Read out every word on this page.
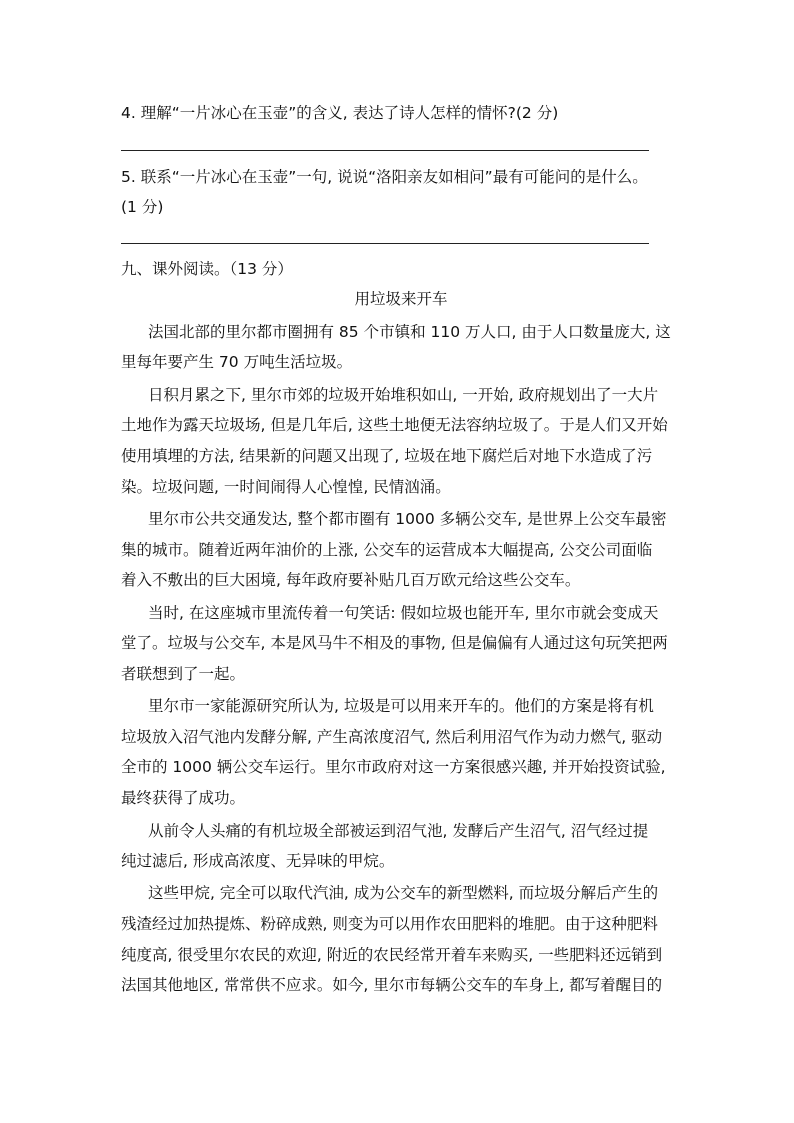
4. 理解“一片冰心在玉壶”的含义, 表达了诗人怎样的情怀?(2 分)
5. 联系“一片冰心在玉壶”一句, 说说“洛阳亲友如相问”最有可能问的是什么。
(1 分)
九、课外阅读。（13 分）
用垃圾来开车
法国北部的里尔都市圈拥有 85 个市镇和 110 万人口, 由于人口数量庞大, 这
里每年要产生 70 万吨生活垃圾。
日积月累之下, 里尔市郊的垃圾开始堆积如山, 一开始, 政府规划出了一大片
土地作为露天垃圾场, 但是几年后, 这些土地便无法容纳垃圾了。于是人们又开始
使用填埋的方法, 结果新的问题又出现了, 垃圾在地下腐烂后对地下水造成了污
染。垃圾问题, 一时间闹得人心惶惶, 民情汹涌。
里尔市公共交通发达, 整个都市圈有 1000 多辆公交车, 是世界上公交车最密
集的城市。随着近两年油价的上涨, 公交车的运营成本大幅提高, 公交公司面临
着入不敷出的巨大困境, 每年政府要补贴几百万欧元给这些公交车。
当时, 在这座城市里流传着一句笑话: 假如垃圾也能开车, 里尔市就会变成天
堂了。垃圾与公交车, 本是风马牛不相及的事物, 但是偏偏有人通过这句玩笑把两
者联想到了一起。
里尔市一家能源研究所认为, 垃圾是可以用来开车的。他们的方案是将有机
垃圾放入沼气池内发酵分解, 产生高浓度沼气, 然后利用沼气作为动力燃气, 驱动
全市的 1000 辆公交车运行。里尔市政府对这一方案很感兴趣, 并开始投资试验,
最终获得了成功。
从前令人头痛的有机垃圾全部被运到沼气池, 发酵后产生沼气, 沼气经过提
纯过滤后, 形成高浓度、无异味的甲烷。
这些甲烷, 完全可以取代汽油, 成为公交车的新型燃料, 而垃圾分解后产生的
残渣经过加热提炼、粉碎成熟, 则变为可以用作农田肥料的堆肥。由于这种肥料
纯度高, 很受里尔农民的欢迎, 附近的农民经常开着车来购买, 一些肥料还远销到
法国其他地区, 常常供不应求。如今, 里尔市每辆公交车的车身上, 都写着醒目的
